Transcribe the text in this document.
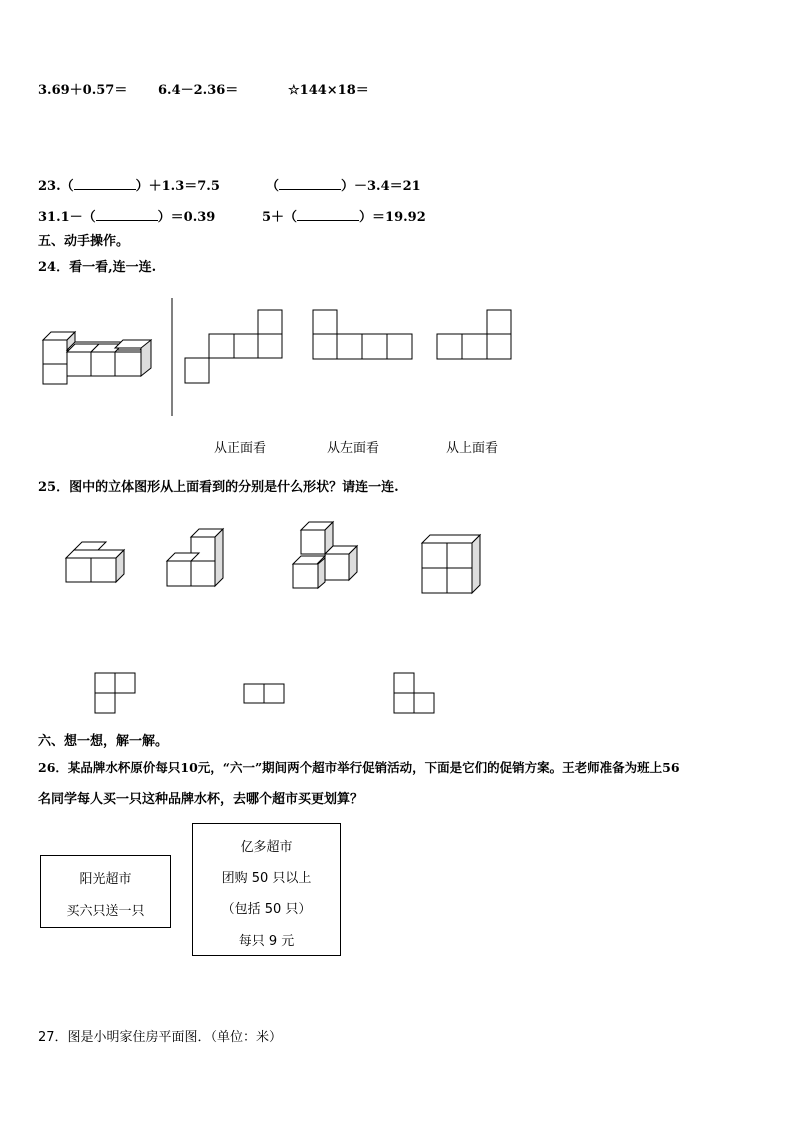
3.69＋0.57＝ 6.4－2.36＝	☆144×18＝
23.（	）＋1.3＝7.5	（	）－3.4＝21
31.1－（	）＝0.39	5＋（	）＝19.92
五、动手操作。
24．看一看,连一连.
从正面看	从左面看	从上面看
25．图中的立体图形从上面看到的分别是什么形状？请连一连.
六、想一想，解一解。
26．某品牌水杯原价每只10元，“六一”期间两个超市举行促销活动，下面是它们的促销方案。王老师准备为班上56
名同学每人买一只这种品牌水杯，去哪个超市买更划算？
阳光超市
买六只送一只
亿多超市
团购 50 只以上
（包括 50 只）
每只 9 元
27．图是小明家住房平面图．（单位：米）
